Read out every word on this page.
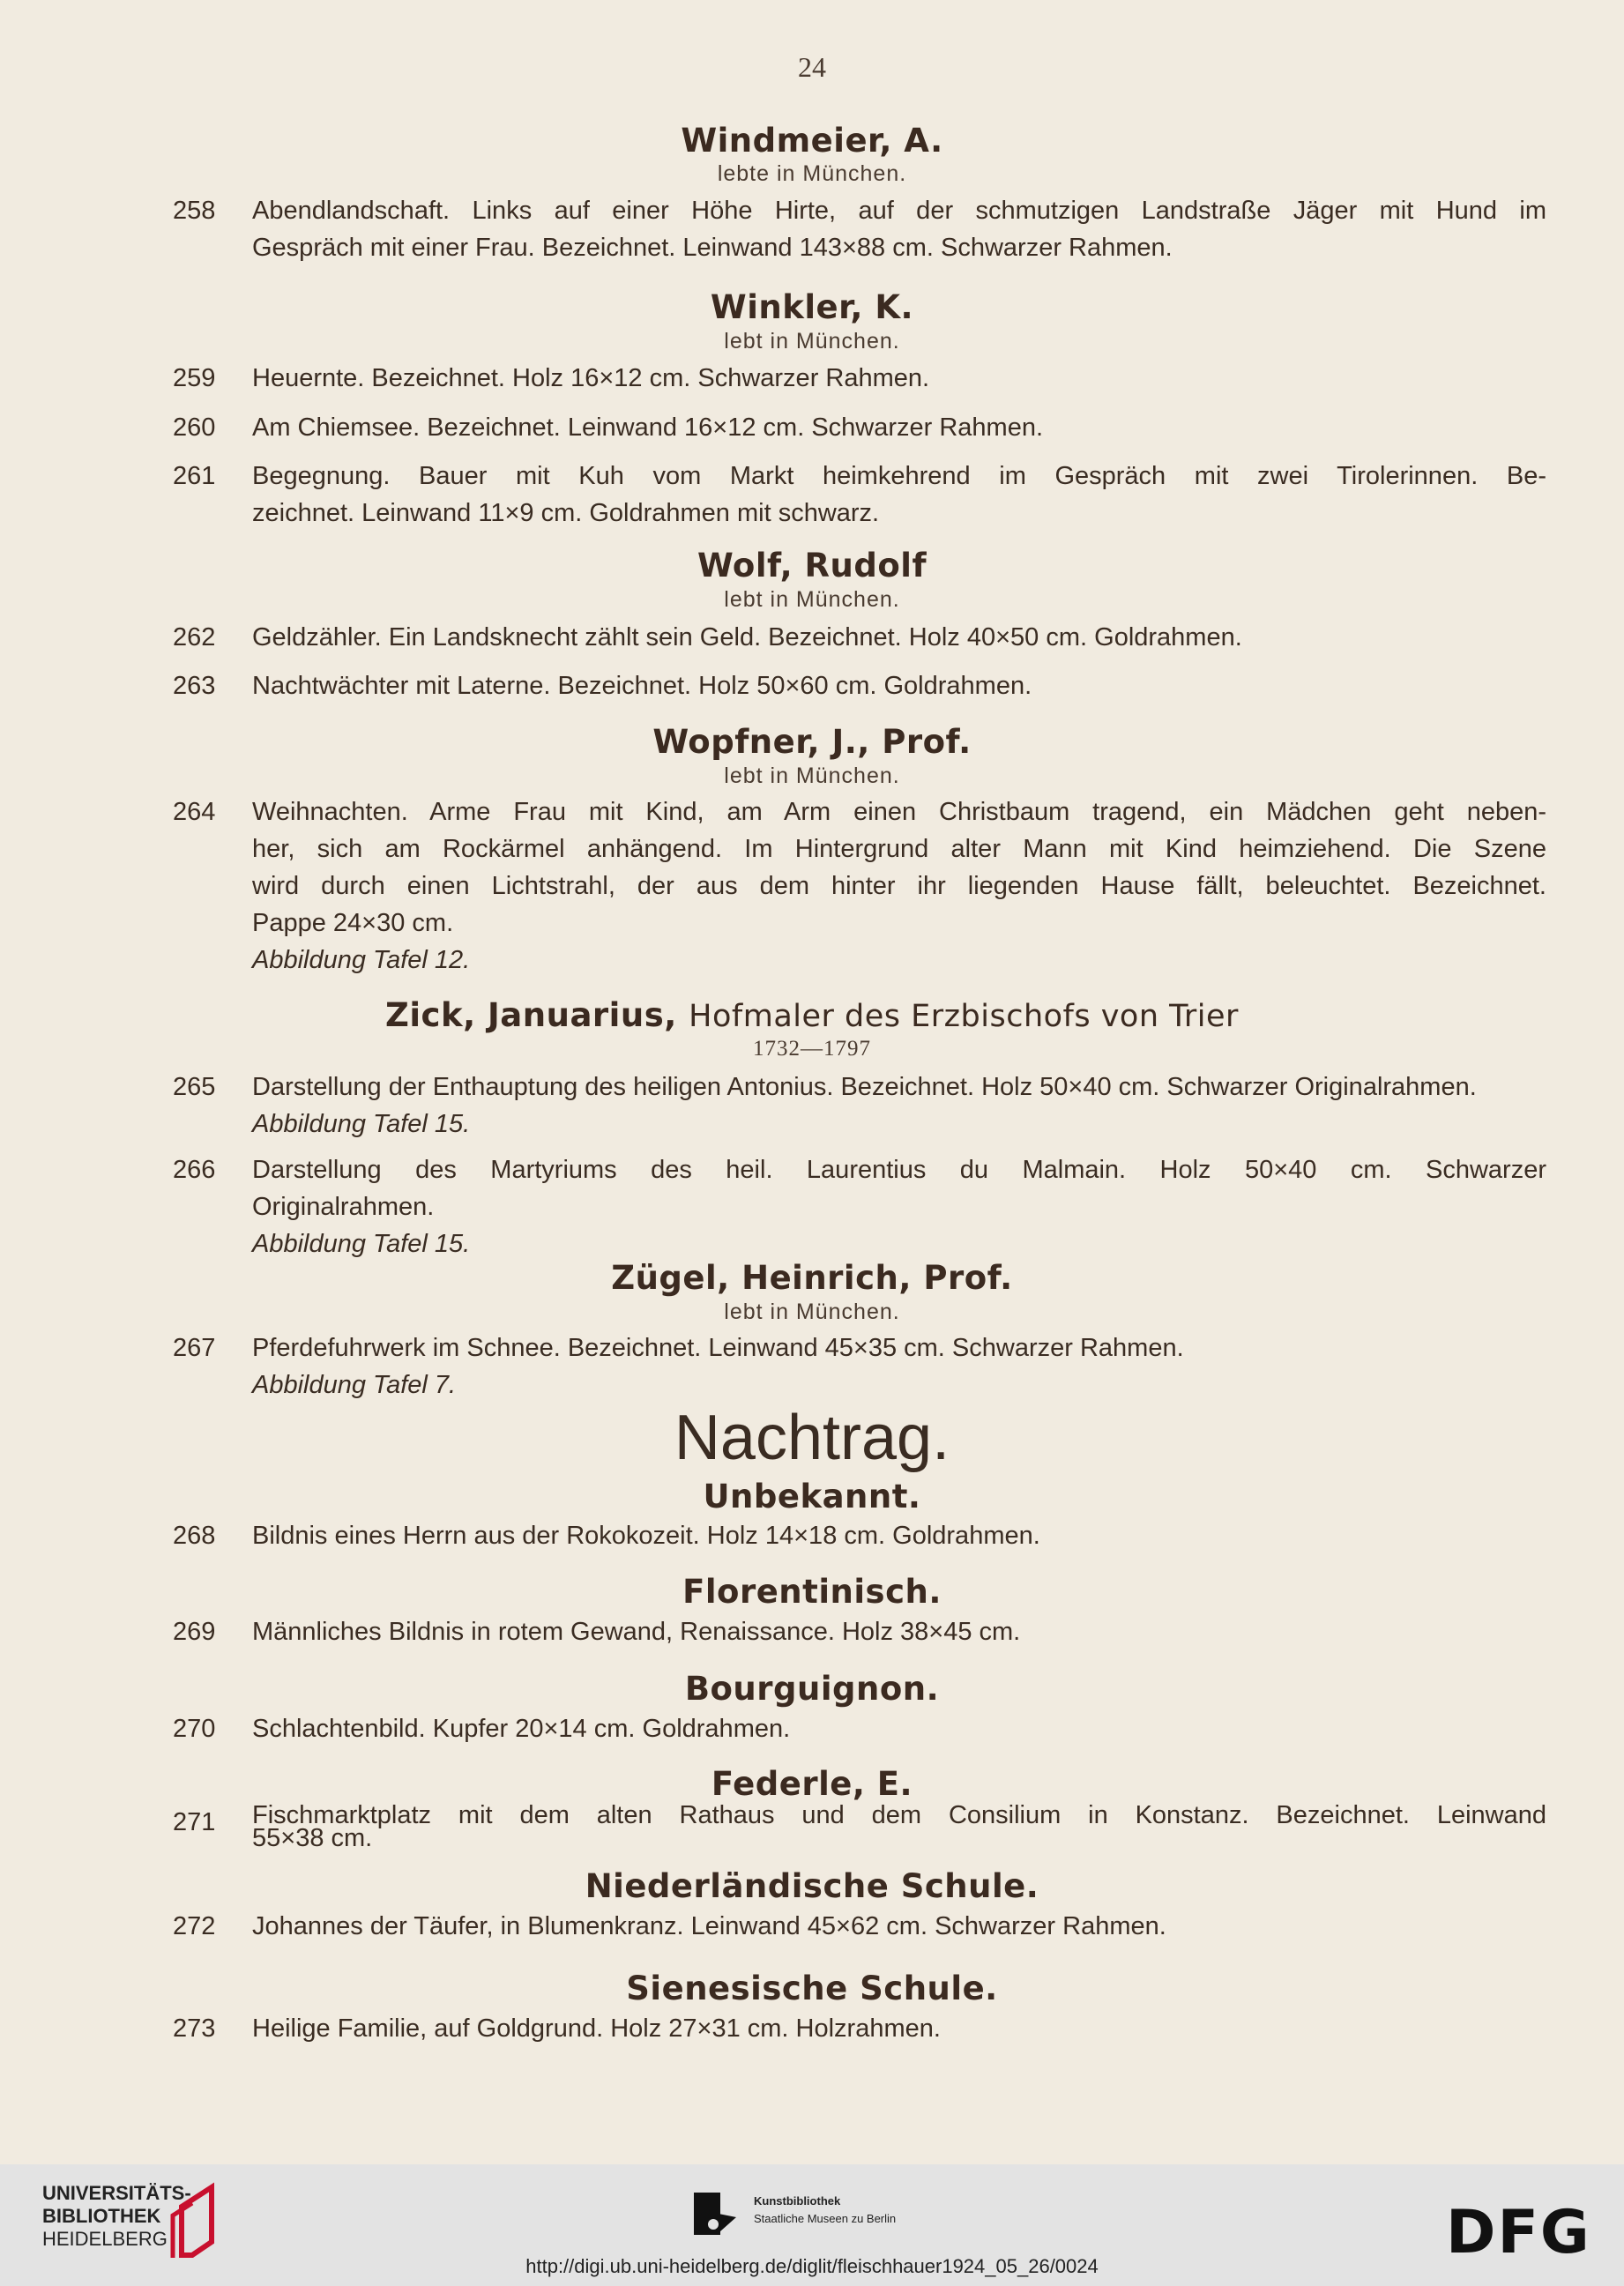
24
Windmeier, A.
lebte in München.
258	Abendlandschaft. Links auf einer Höhe Hirte, auf der schmutzigen Landstraße Jäger mit Hund im
Gespräch mit einer Frau. Bezeichnet. Leinwand 143×88 cm. Schwarzer Rahmen.
Winkler, K.
lebt in München.
259	Heuernte. Bezeichnet. Holz 16×12 cm. Schwarzer Rahmen.
260	Am Chiemsee. Bezeichnet. Leinwand 16×12 cm. Schwarzer Rahmen.
261	Begegnung. Bauer mit Kuh vom Markt heimkehrend im Gespräch mit zwei Tirolerinnen. Be-
zeichnet. Leinwand 11×9 cm. Goldrahmen mit schwarz.
Wolf, Rudolf
lebt in München.
262	Geldzähler. Ein Landsknecht zählt sein Geld. Bezeichnet. Holz 40×50 cm. Goldrahmen.
263	Nachtwächter mit Laterne. Bezeichnet. Holz 50×60 cm. Goldrahmen.
Wopfner, J., Prof.
lebt in München.
264	Weihnachten. Arme Frau mit Kind, am Arm einen Christbaum tragend, ein Mädchen geht neben-
her, sich am Rockärmel anhängend. Im Hintergrund alter Mann mit Kind heimziehend. Die Szene
wird durch einen Lichtstrahl, der aus dem hinter ihr liegenden Hause fällt, beleuchtet. Bezeichnet.
Pappe 24×30 cm.
Abbildung Tafel 12.
Zick, Januarius, Hofmaler des Erzbischofs von Trier
1732—1797
265	Darstellung der Enthauptung des heiligen Antonius. Bezeichnet. Holz 50×40 cm. Schwarzer Originalrahmen.
Abbildung Tafel 15.
266	Darstellung des Martyriums des heil. Laurentius du Malmain. Holz 50×40 cm. Schwarzer
Originalrahmen.
Abbildung Tafel 15.
Zügel, Heinrich, Prof.
lebt in München.
267	Pferdefuhrwerk im Schnee. Bezeichnet. Leinwand 45×35 cm. Schwarzer Rahmen.
Abbildung Tafel 7.
Nachtrag.
Unbekannt.
268	Bildnis eines Herrn aus der Rokokozeit. Holz 14×18 cm. Goldrahmen.
Florentinisch.
269	Männliches Bildnis in rotem Gewand, Renaissance. Holz 38×45 cm.
Bourguignon.
270	Schlachtenbild. Kupfer 20×14 cm. Goldrahmen.
Federle, E.
271	Fischmarktplatz mit dem alten Rathaus und dem Consilium in Konstanz. Bezeichnet. Leinwand
55×38 cm.
Niederländische Schule.
272	Johannes der Täufer, in Blumenkranz. Leinwand 45×62 cm. Schwarzer Rahmen.
Sienesische Schule.
273	Heilige Familie, auf Goldgrund. Holz 27×31 cm. Holzrahmen.
UNIVERSITÄTS-
BIBLIOTHEK
HEIDELBERG
Kunstbibliothek
Staatliche Museen zu Berlin	DFG
http://digi.ub.uni-heidelberg.de/diglit/fleischhauer1924_05_26/0024
